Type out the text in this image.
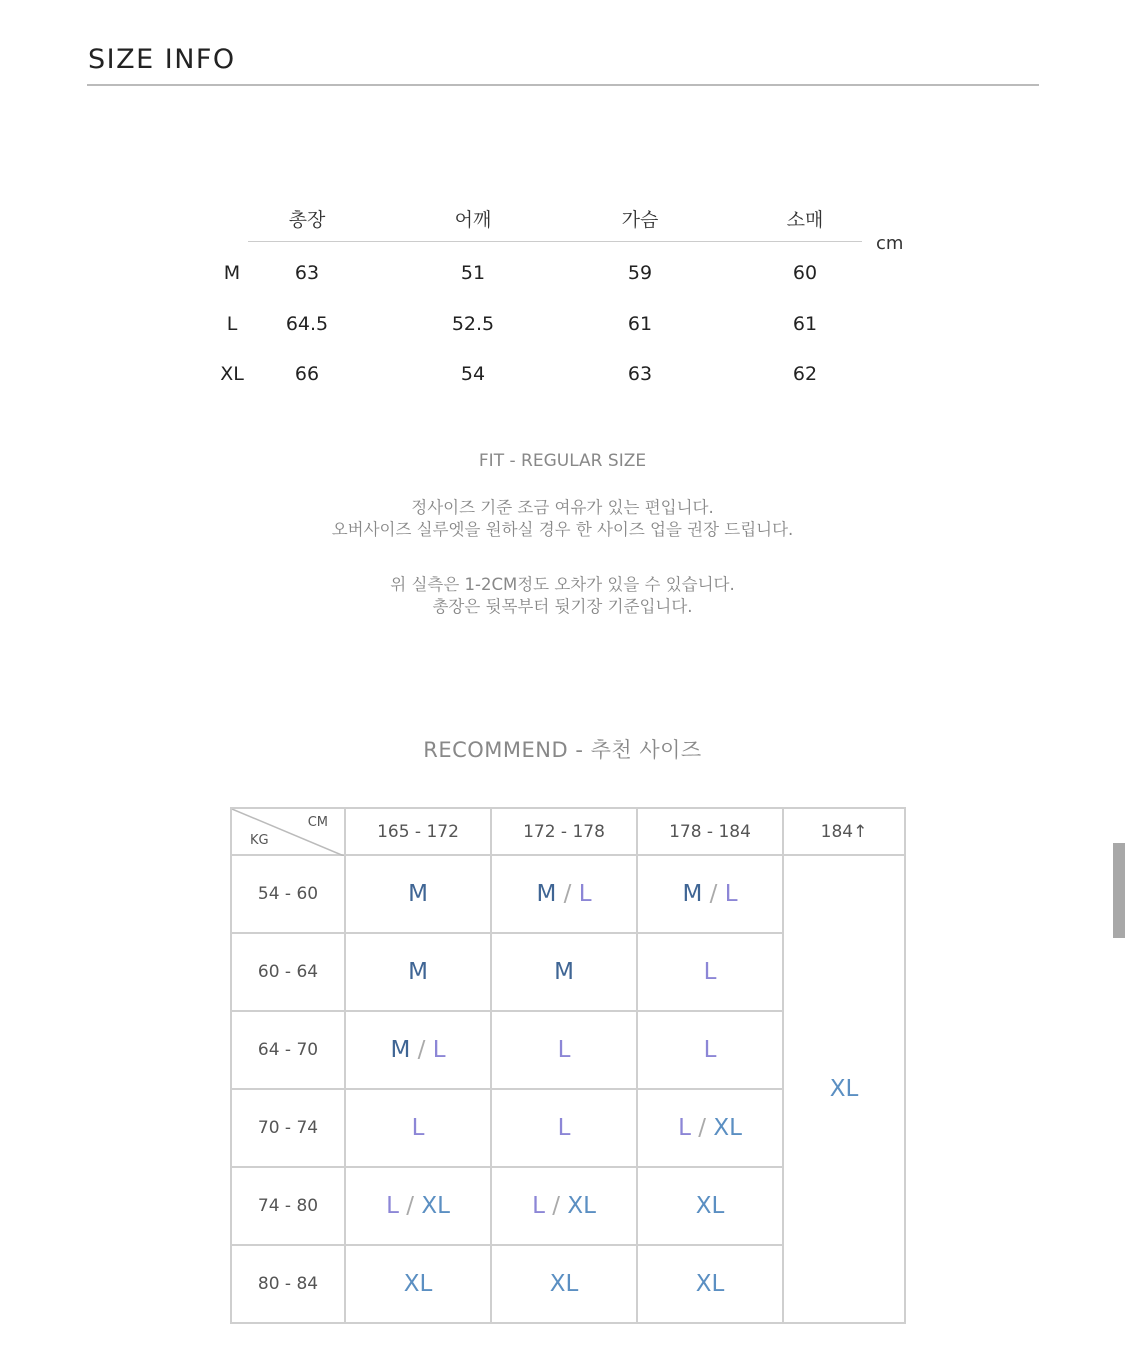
SIZE INFO
총장	어깨	가슴	소매
M	63	51	59	60
L	64.5	52.5	61	61
XL	66	54	63	62
cm
FIT - REGULAR SIZE
정사이즈 기준 조금 여유가 있는 편입니다.
오버사이즈 실루엣을 원하실 경우 한 사이즈 업을 권장 드립니다.
위 실측은 1-2CM정도 오차가 있을 수 있습니다.
총장은 뒷목부터 뒷기장 기준입니다.
RECOMMEND - 추천 사이즈
CM
KG	165 - 172	172 - 178	178 - 184	184↑
54 - 60	M	M / L	M / L	XL
60 - 64	M	M	L	
64 - 70	M / L	L	L	
70 - 74	L	L	L / XL	
74 - 80	L / XL	L / XL	XL	
80 - 84	XL	XL	XL	
